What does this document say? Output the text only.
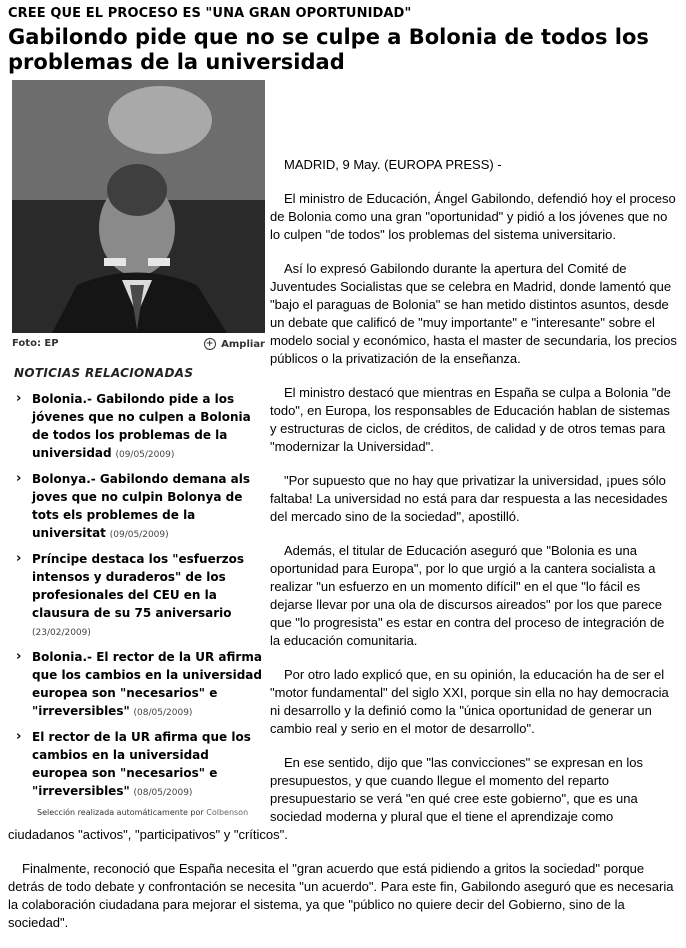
CREE QUE EL PROCESO ES "UNA GRAN OPORTUNIDAD"
Gabilondo pide que no se culpe a Bolonia de todos los problemas de la universidad
Foto: EP	+ Ampliar
NOTICIAS RELACIONADAS
› Bolonia.- Gabilondo pide a los jóvenes que no culpen a Bolonia de todos los problemas de la universidad (09/05/2009)
› Bolonya.- Gabilondo demana als joves que no culpin Bolonya de tots els problemes de la universitat (09/05/2009)
› Príncipe destaca los "esfuerzos intensos y duraderos" de los profesionales del CEU en la clausura de su 75 aniversario (23/02/2009)
› Bolonia.- El rector de la UR afirma que los cambios en la universidad europea son "necesarios" e "irreversibles" (08/05/2009)
› El rector de la UR afirma que los cambios en la universidad europea son "necesarios" e "irreversibles" (08/05/2009)
Selección realizada automáticamente por Colbenson

MADRID, 9 May. (EUROPA PRESS) -

El ministro de Educación, Ángel Gabilondo, defendió hoy el proceso de Bolonia como una gran "oportunidad" y pidió a los jóvenes que no lo culpen "de todos" los problemas del sistema universitario.

Así lo expresó Gabilondo durante la apertura del Comité de Juventudes Socialistas que se celebra en Madrid, donde lamentó que "bajo el paraguas de Bolonia" se han metido distintos asuntos, desde un debate que calificó de "muy importante" e "interesante" sobre el modelo social y económico, hasta el master de secundaria, los precios públicos o la privatización de la enseñanza.

El ministro destacó que mientras en España se culpa a Bolonia "de todo", en Europa, los responsables de Educación hablan de sistemas y estructuras de ciclos, de créditos, de calidad y de otros temas para "modernizar la Universidad".

"Por supuesto que no hay que privatizar la universidad, ¡pues sólo faltaba! La universidad no está para dar respuesta a las necesidades del mercado sino de la sociedad", apostilló.

Además, el titular de Educación aseguró que "Bolonia es una oportunidad para Europa", por lo que urgió a la cantera socialista a realizar "un esfuerzo en un momento difícil" en el que "lo fácil es dejarse llevar por una ola de discursos aireados" por los que parece que "lo progresista" es estar en contra del proceso de integración de la educación comunitaria.

Por otro lado explicó que, en su opinión, la educación ha de ser el "motor fundamental" del siglo XXI, porque sin ella no hay democracia ni desarrollo y la definió como la "única oportunidad de generar un cambio real y serio en el motor de desarrollo".

En ese sentido, dijo que "las convicciones" se expresan en los presupuestos, y que cuando llegue el momento del reparto presupuestario se verá "en qué cree este gobierno", que es una sociedad moderna y plural que el tiene el aprendizaje como ciudadanos "activos", "participativos" y "críticos".

Finalmente, reconoció que España necesita el "gran acuerdo que está pidiendo a gritos la sociedad" porque detrás de todo debate y confrontación se necesita "un acuerdo". Para este fin, Gabilondo aseguró que es necesaria la colaboración ciudadana para mejorar el sistema, ya que "público no quiere decir del Gobierno, sino de la sociedad".
